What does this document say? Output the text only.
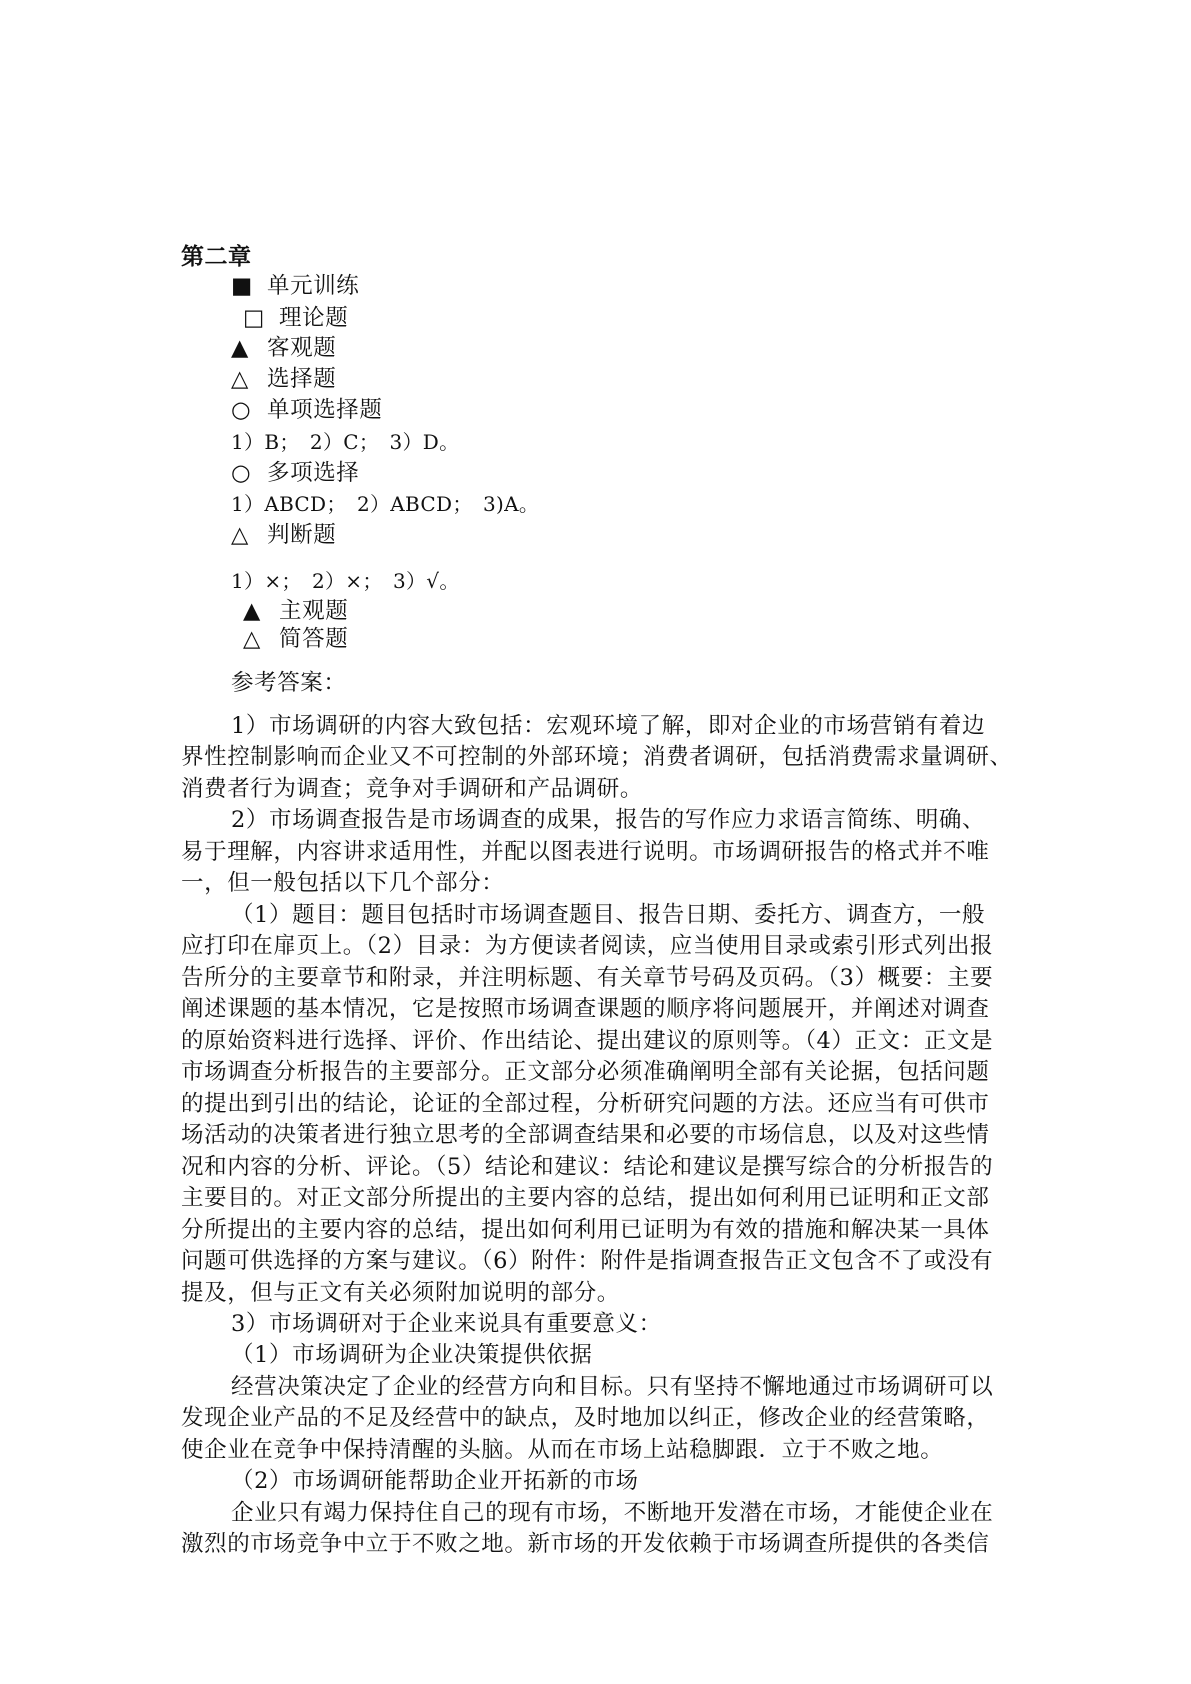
第二章
■ 单元训练
□ 理论题
▲ 客观题
△ 选择题
○ 单项选择题
1）B；　2）C；　3）D。
○ 多项选择
1）ABCD；　2）ABCD；　3)A。
△ 判断题
1）×；　2）×；　3）√。
▲ 主观题
△ 简答题
参考答案：
1）市场调研的内容大致包括：宏观环境了解，即对企业的市场营销有着边
界性控制影响而企业又不可控制的外部环境；消费者调研，包括消费需求量调研、
消费者行为调查；竞争对手调研和产品调研。
2）市场调查报告是市场调查的成果，报告的写作应力求语言简练、明确、
易于理解，内容讲求适用性，并配以图表进行说明。市场调研报告的格式并不唯
一，但一般包括以下几个部分：
（1）题目：题目包括时市场调查题目、报告日期、委托方、调查方，一般
应打印在扉页上。（2）目录：为方便读者阅读，应当使用目录或索引形式列出报
告所分的主要章节和附录，并注明标题、有关章节号码及页码。（3）概要：主要
阐述课题的基本情况，它是按照市场调查课题的顺序将问题展开，并阐述对调查
的原始资料进行选择、评价、作出结论、提出建议的原则等。（4）正文：正文是
市场调查分析报告的主要部分。正文部分必须准确阐明全部有关论据，包括问题
的提出到引出的结论，论证的全部过程，分析研究问题的方法。还应当有可供市
场活动的决策者进行独立思考的全部调查结果和必要的市场信息，以及对这些情
况和内容的分析、评论。（5）结论和建议：结论和建议是撰写综合的分析报告的
主要目的。对正文部分所提出的主要内容的总结，提出如何利用已证明和正文部
分所提出的主要内容的总结，提出如何利用已证明为有效的措施和解决某一具体
问题可供选择的方案与建议。（6）附件：附件是指调查报告正文包含不了或没有
提及，但与正文有关必须附加说明的部分。
3）市场调研对于企业来说具有重要意义：
（1）市场调研为企业决策提供依据
经营决策决定了企业的经营方向和目标。只有坚持不懈地通过市场调研可以
发现企业产品的不足及经营中的缺点，及时地加以纠正，修改企业的经营策略，
使企业在竞争中保持清醒的头脑。从而在市场上站稳脚跟．立于不败之地。
（2）市场调研能帮助企业开拓新的市场
企业只有竭力保持住自己的现有市场，不断地开发潜在市场，才能使企业在
激烈的市场竞争中立于不败之地。新市场的开发依赖于市场调查所提供的各类信
